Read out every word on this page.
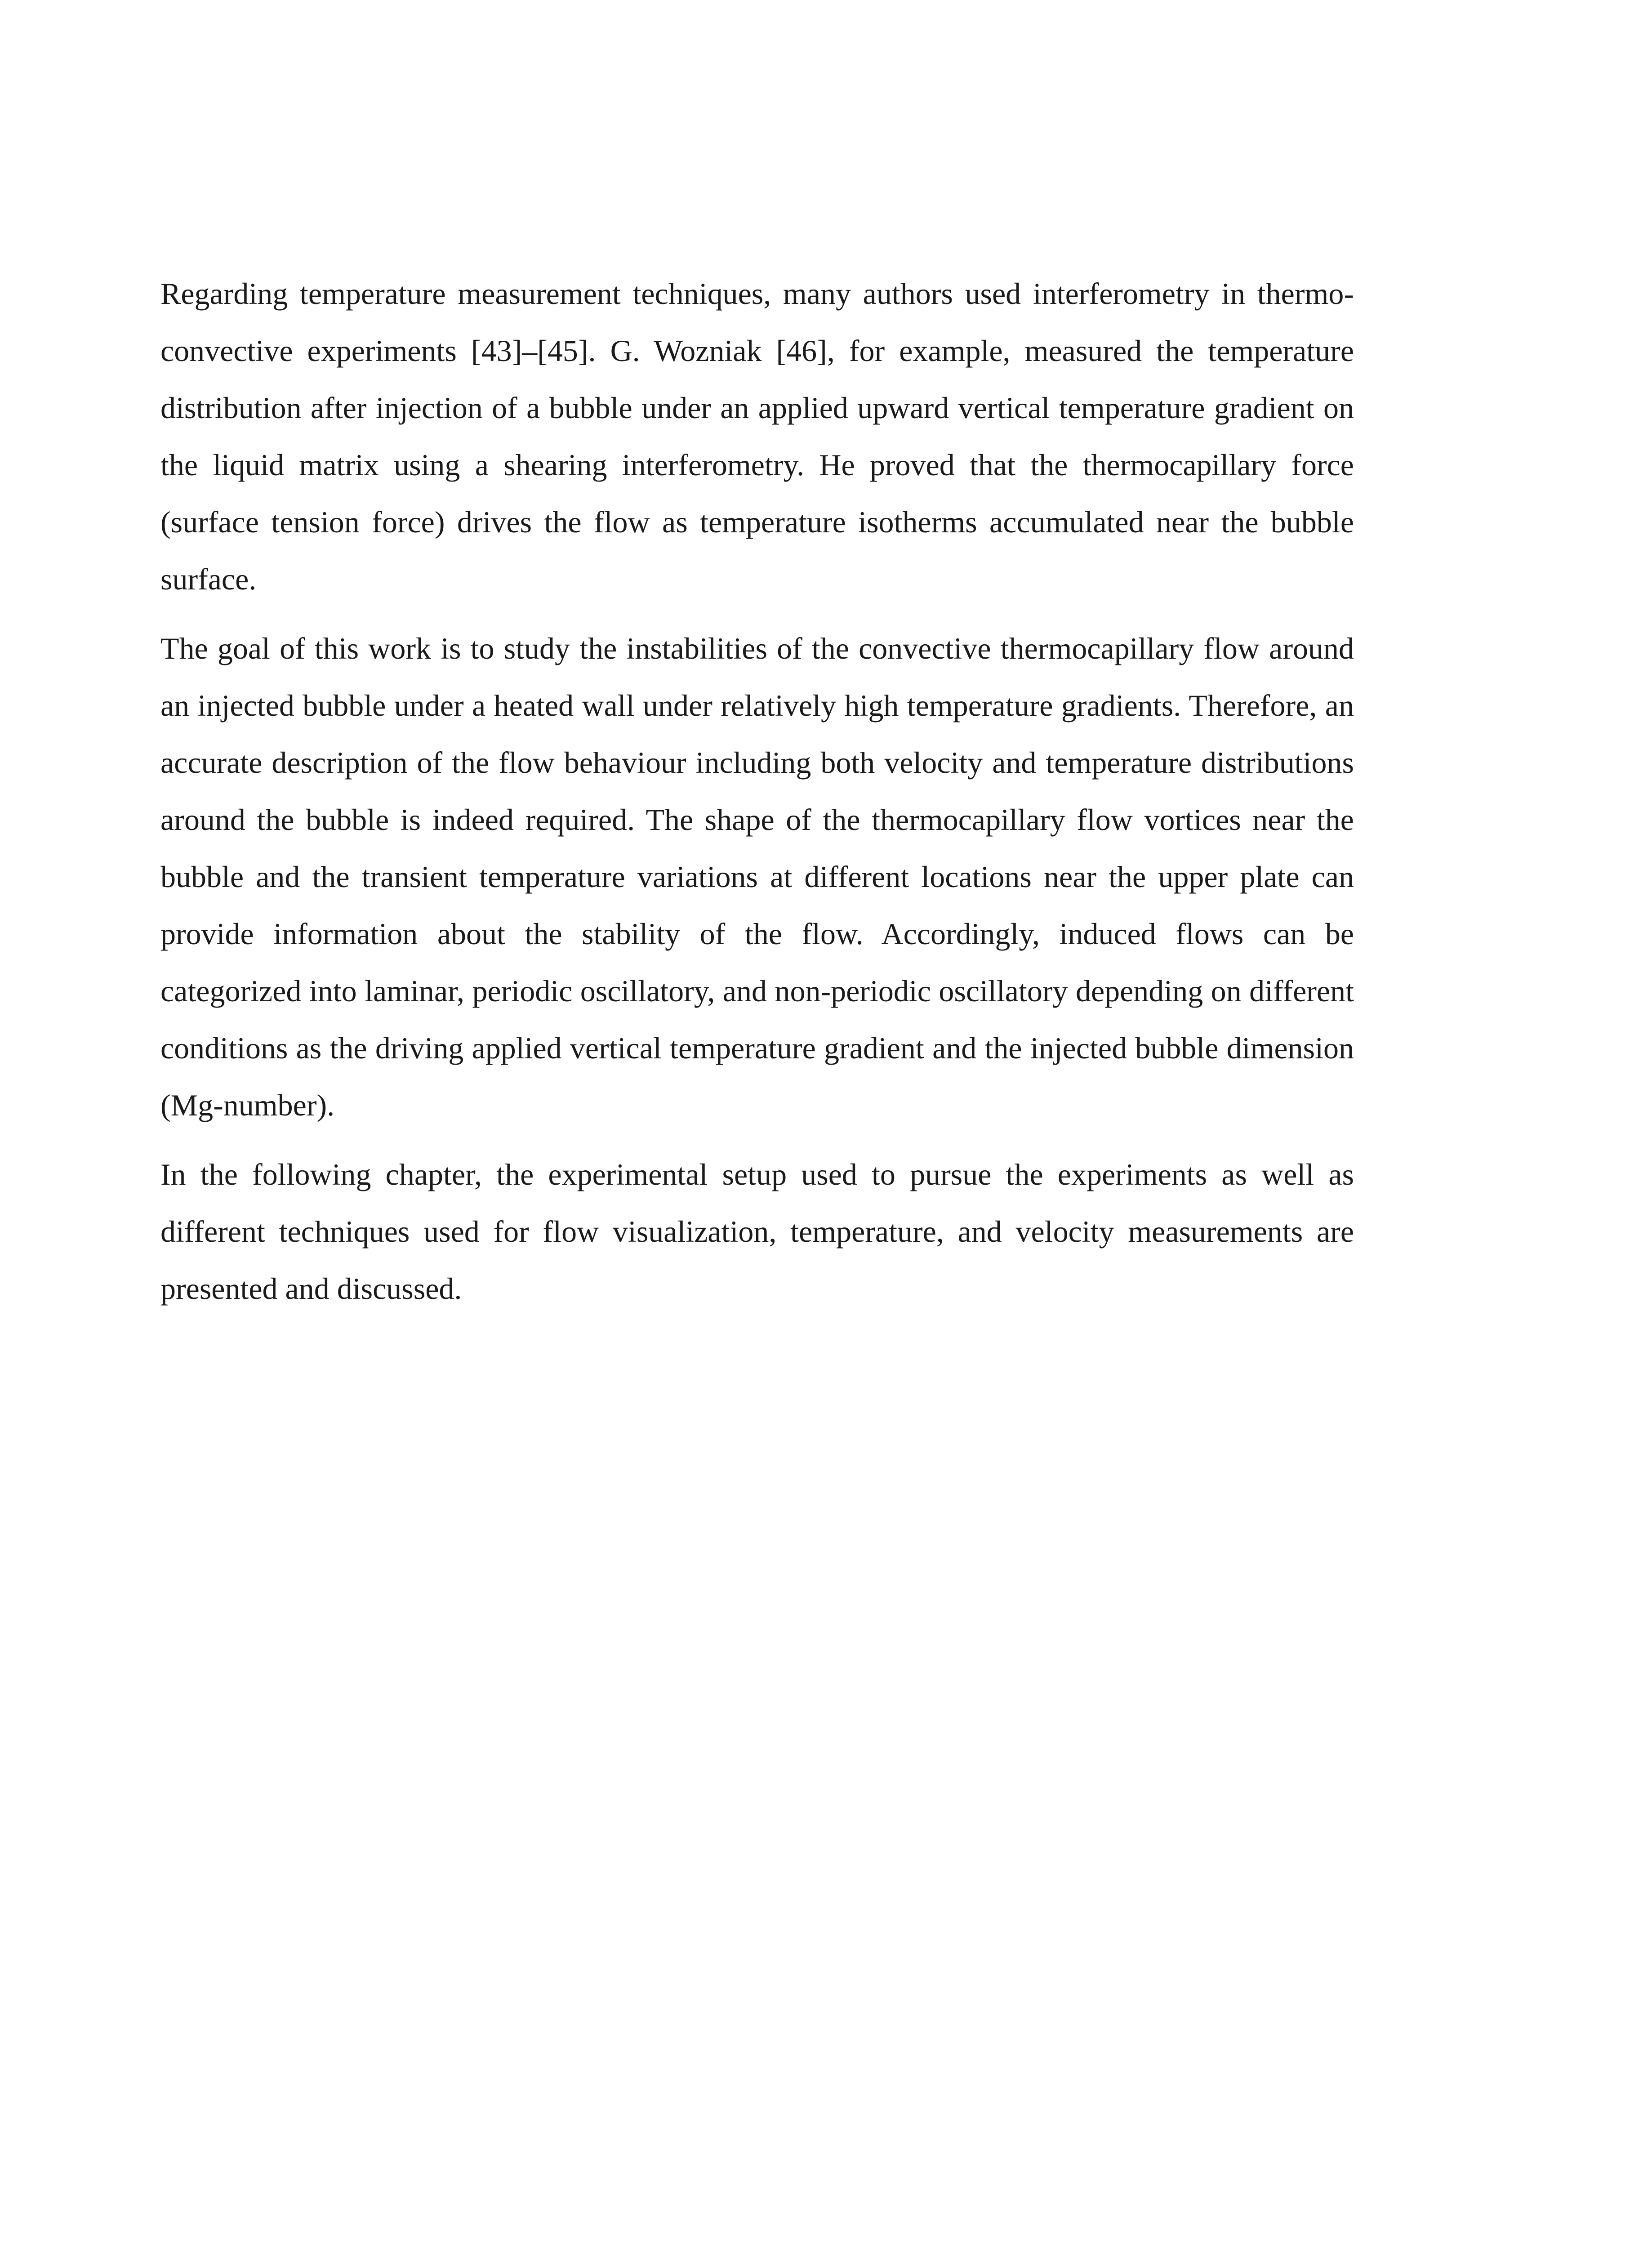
Regarding temperature measurement techniques, many authors used interferometry in thermo-convective experiments [43]–[45]. G. Wozniak [46], for example, measured the temperature distribution after injection of a bubble under an applied upward vertical temperature gradient on the liquid matrix using a shearing interferometry. He proved that the thermocapillary force (surface tension force) drives the flow as temperature isotherms accumulated near the bubble surface.

The goal of this work is to study the instabilities of the convective thermocapillary flow around an injected bubble under a heated wall under relatively high temperature gradients. Therefore, an accurate description of the flow behaviour including both velocity and temperature distributions around the bubble is indeed required. The shape of the thermocapillary flow vortices near the bubble and the transient temperature variations at different locations near the upper plate can provide information about the stability of the flow. Accordingly, induced flows can be categorized into laminar, periodic oscillatory, and non-periodic oscillatory depending on different conditions as the driving applied vertical temperature gradient and the injected bubble dimension (Mg-number).

In the following chapter, the experimental setup used to pursue the experiments as well as different techniques used for flow visualization, temperature, and velocity measurements are presented and discussed.
